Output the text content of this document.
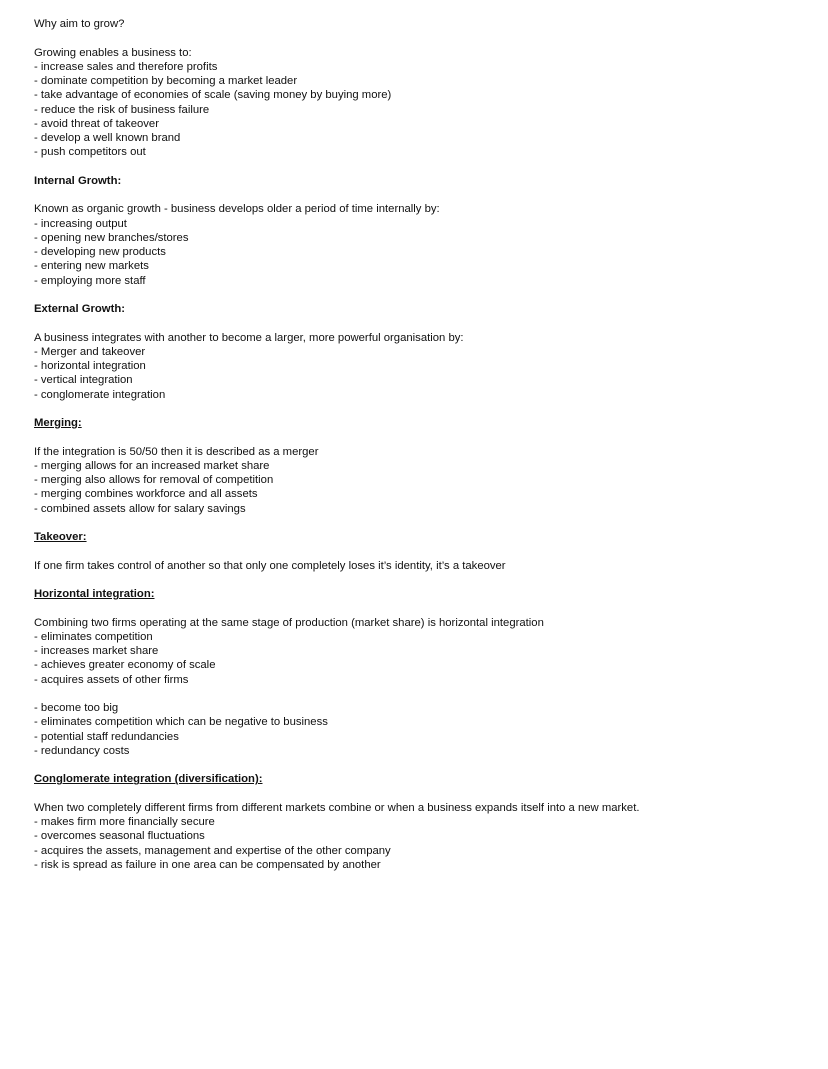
Why aim to grow?
Growing enables a business to:
- increase sales and therefore profits
- dominate competition by becoming a market leader
- take advantage of economies of scale (saving money by buying more)
- reduce the risk of business failure
- avoid threat of takeover
- develop a well known brand
- push competitors out
Internal Growth:
Known as organic growth - business develops older a period of time internally by:
- increasing output
- opening new branches/stores
- developing new products
- entering new markets
- employing more staff
External Growth:
A business integrates with another to become a larger, more powerful organisation by:
- Merger and takeover
- horizontal integration
- vertical integration
- conglomerate integration
Merging:
If the integration is 50/50 then it is described as a merger
- merging allows for an increased market share
- merging also allows for removal of competition
- merging combines workforce and all assets
- combined assets allow for salary savings
Takeover:
If one firm takes control of another so that only one completely loses it’s identity, it’s a takeover
Horizontal integration:
Combining two firms operating at the same stage of production (market share) is horizontal integration
- eliminates competition
- increases market share
- achieves greater economy of scale
- acquires assets of other firms
- become too big
- eliminates competition which can be negative to business
- potential staff redundancies
- redundancy costs
Conglomerate integration (diversification):
When two completely different firms from different markets combine or when a business expands itself into a new market.
- makes firm more financially secure
- overcomes seasonal fluctuations
- acquires the assets, management and expertise of the other company
- risk is spread as failure in one area can be compensated by another
